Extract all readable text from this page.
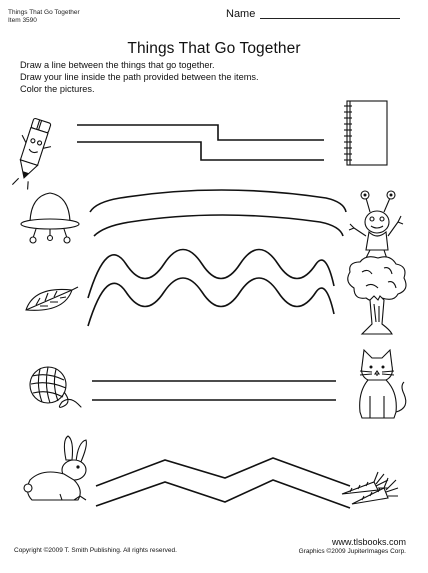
Things That Go Together
Item 3590
Name
Things That Go Together
Draw a line between the things that go together.
Draw your line inside the path provided between the items.
Color the pictures.
Copyright ©2009 T. Smith Publishing. All rights reserved.
www.tlsbooks.com
Graphics ©2009 JupiterImages Corp.
